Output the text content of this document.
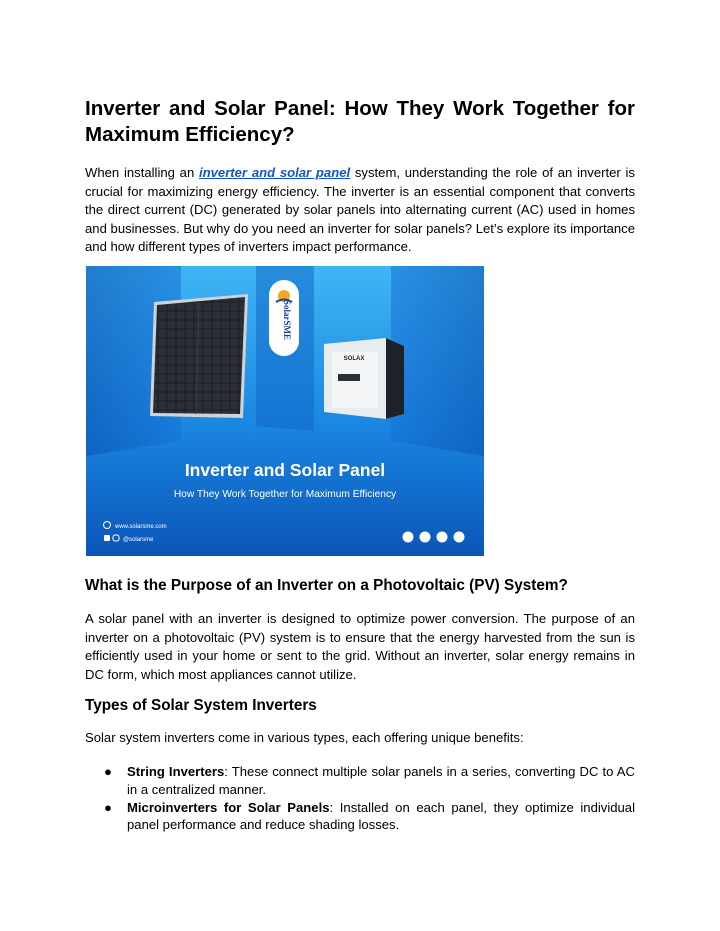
Inverter and Solar Panel: How They Work Together for
Maximum Efficiency?

When installing an inverter and solar panel system, understanding the role of an inverter is crucial for maximizing energy efficiency. The inverter is an essential component that converts the direct current (DC) generated by solar panels into alternating current (AC) used in homes and businesses. But why do you need an inverter for solar panels? Let’s explore its importance and how different types of inverters impact performance.

SolarSME
SOLAX
Inverter and Solar Panel
How They Work Together for Maximum Efficiency
www.solarsme.com
@solarsme
What is the Purpose of an Inverter on a Photovoltaic (PV) System?

A solar panel with an inverter is designed to optimize power conversion. The purpose of an inverter on a photovoltaic (PV) system is to ensure that the energy harvested from the sun is efficiently used in your home or sent to the grid. Without an inverter, solar energy remains in DC form, which most appliances cannot utilize.

Types of Solar System Inverters

Solar system inverters come in various types, each offering unique benefits:

● String Inverters: These connect multiple solar panels in a series, converting DC to AC in a centralized manner.
● Microinverters for Solar Panels: Installed on each panel, they optimize individual panel performance and reduce shading losses.
